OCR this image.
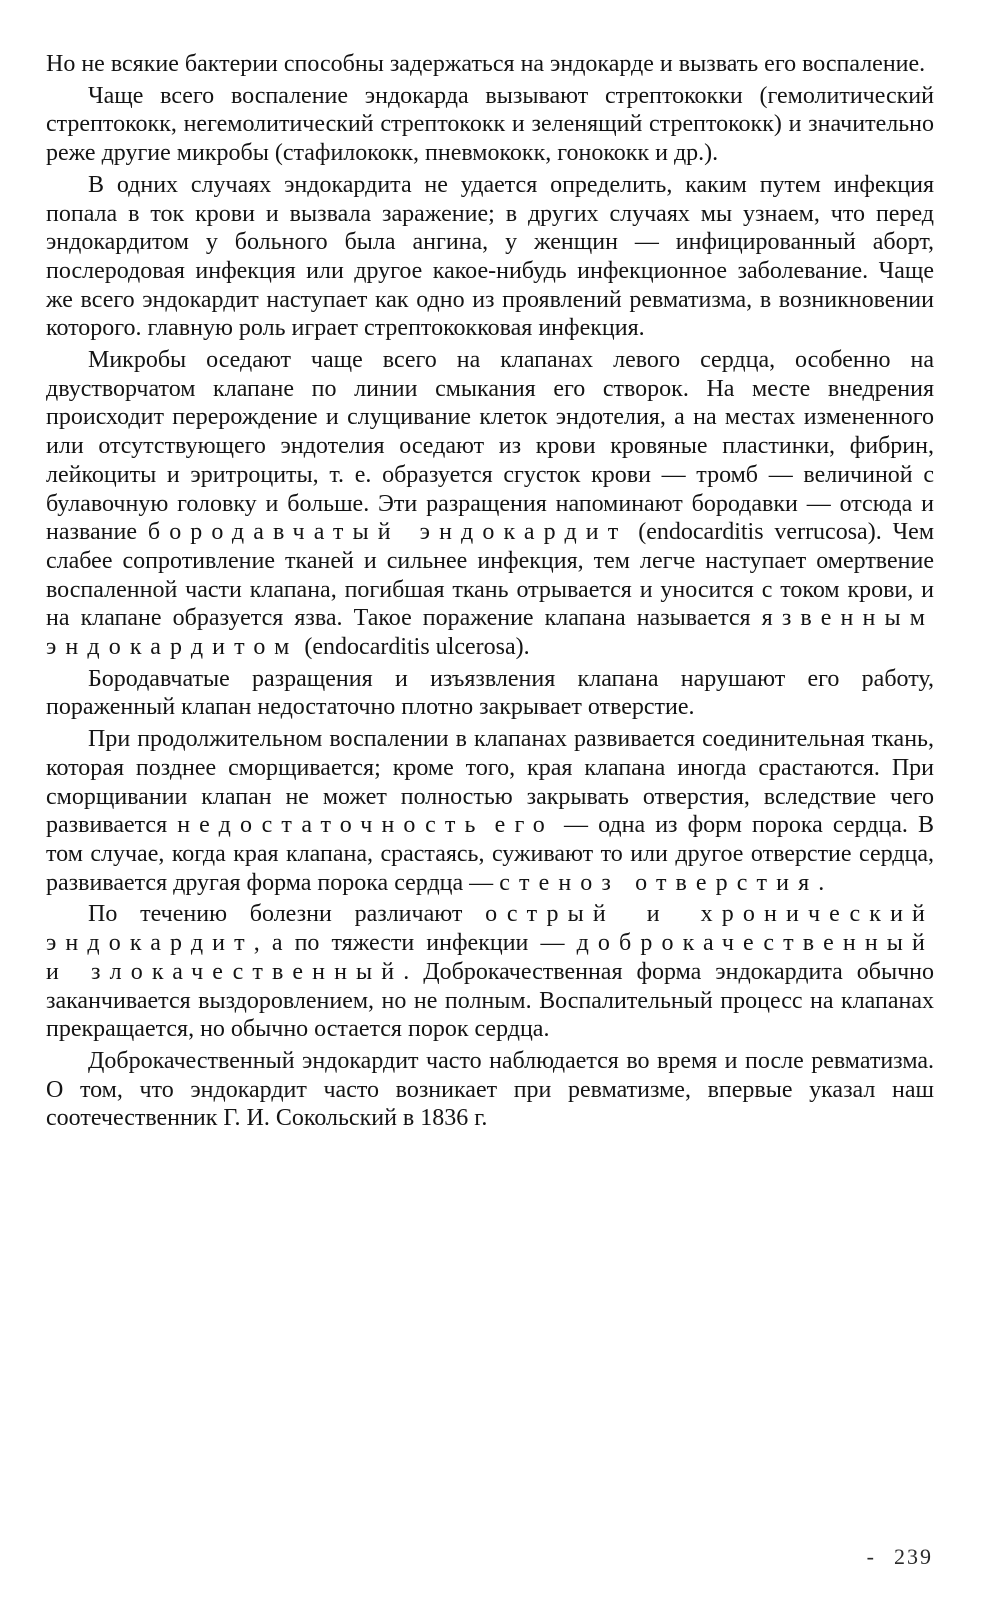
Но не всякие бактерии способны задержаться на эндокарде и вызвать его воспаление.

Чаще всего воспаление эндокарда вызывают стрептококки (гемолитический стрептококк, негемолитический стрептококк и зеленящий стрептококк) и значительно реже другие микробы (стафилококк, пневмококк, гонококк и др.).

В одних случаях эндокардита не удается определить, каким путем инфекция попала в ток крови и вызвала заражение; в других случаях мы узнаем, что перед эндокардитом у больного была ангина, у женщин — инфицированный аборт, послеродовая инфекция или другое какое-нибудь инфекционное заболевание. Чаще же всего эндокардит наступает как одно из проявлений ревматизма, в возникновении которого. главную роль играет стрептококковая инфекция.

Микробы оседают чаще всего на клапанах левого сердца, особенно на двустворчатом клапане по линии смыкания его створок. На месте внедрения происходит перерождение и слущивание клеток эндотелия, а на местах измененного или отсутствующего эндотелия оседают из крови кровяные пластинки, фибрин, лейкоциты и эритроциты, т. е. образуется сгусток крови — тромб — величиной с булавочную головку и больше. Эти разращения напоминают бородавки — отсюда и название бородавчатый эндокардит (endocarditis verrucosa). Чем слабее сопротивление тканей и сильнее инфекция, тем легче наступает омертвение воспаленной части клапана, погибшая ткань отрывается и уносится с током крови, и на клапане образуется язва. Такое поражение клапана называется язвенным эндокардитом (endocarditis ulcerosa).

Бородавчатые разращения и изъязвления клапана нарушают его работу, пораженный клапан недостаточно плотно закрывает отверстие.

При продолжительном воспалении в клапанах развивается соединительная ткань, которая позднее сморщивается; кроме того, края клапана иногда срастаются. При сморщивании клапан не может полностью закрывать отверстия, вследствие чего развивается недостаточность его — одна из форм порока сердца. В том случае, когда края клапана, срастаясь, суживают то или другое отверстие сердца, развивается другая форма порока сердца — стеноз отверстия.

По течению болезни различают острый и хронический эндокардит, а по тяжести инфекции — доброкачественный и злокачественный. Доброкачественная форма эндокардита обычно заканчивается выздоровлением, но не полным. Воспалительный процесс на клапанах прекращается, но обычно остается порок сердца.

Доброкачественный эндокардит часто наблюдается во время и после ревматизма. О том, что эндокардит часто возникает при ревматизме, впервые указал наш соотечественник Г. И. Сокольский в 1836 г.

- 239
